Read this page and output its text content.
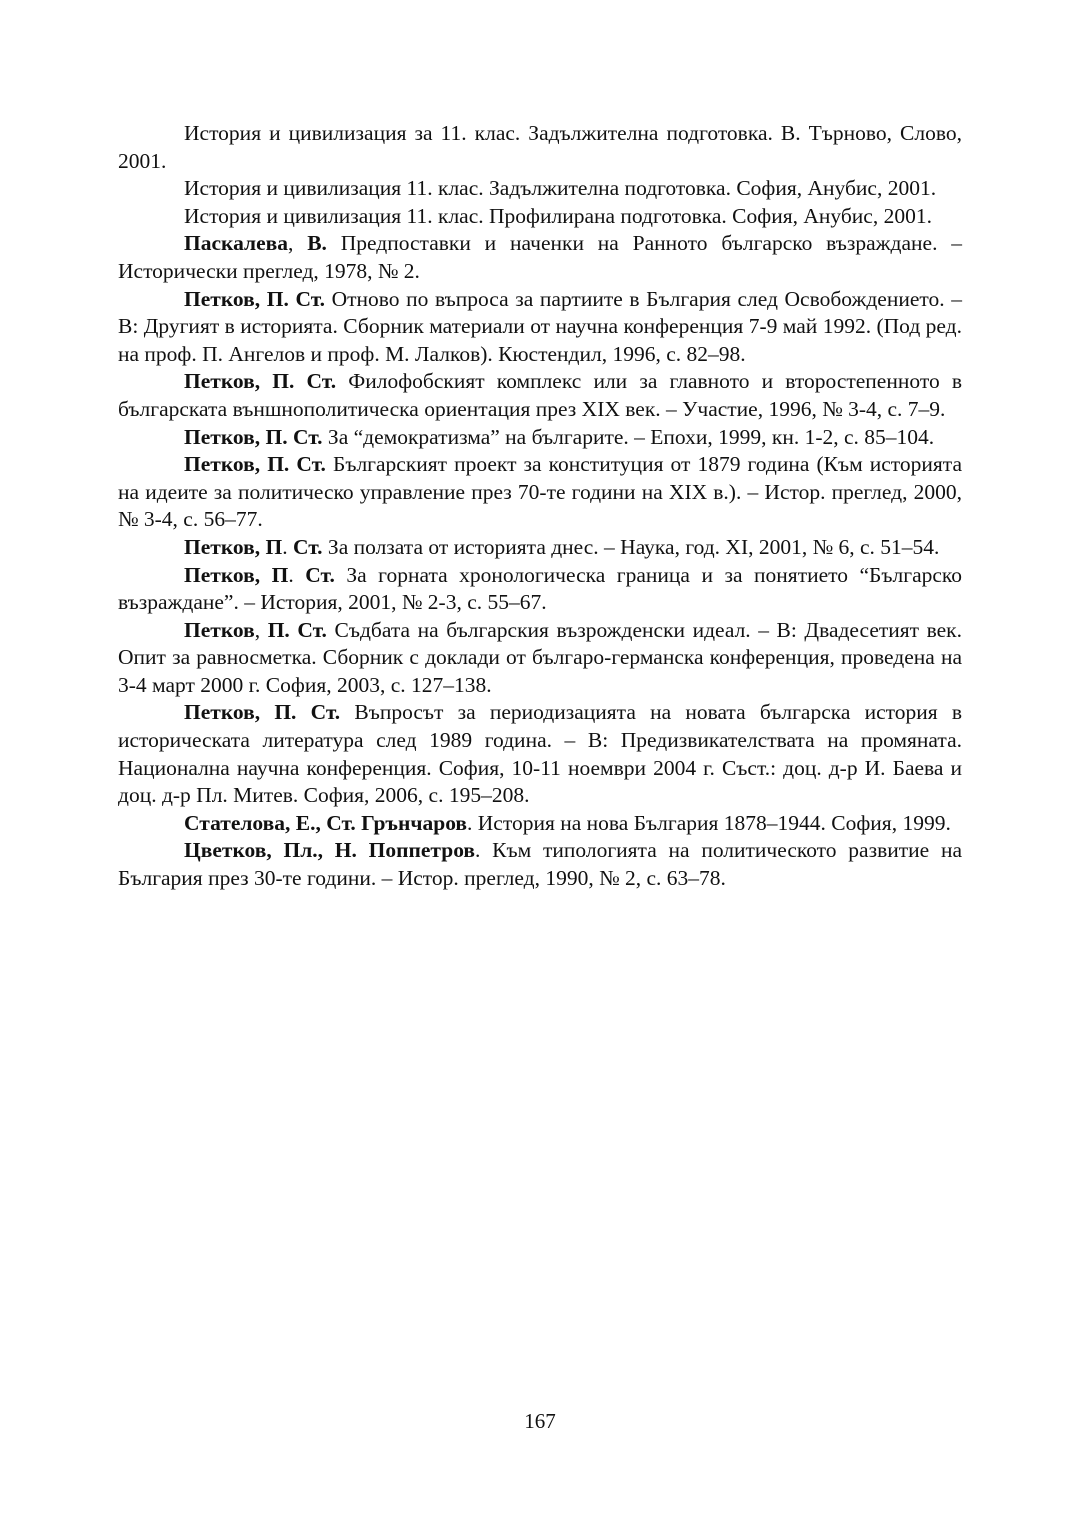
История и цивилизация за 11. клас. Задължителна подготовка. В. Търново, Слово, 2001.
История и цивилизация 11. клас. Задължителна подготовка. София, Анубис, 2001.
История и цивилизация 11. клас. Профилирана подготовка. София, Анубис, 2001.
Паскалева, В. Предпоставки и наченки на Ранното българско възраждане. – Исторически преглед, 1978, № 2.
Петков, П. Ст. Отново по въпроса за партиите в България след Освобождението. – В: Другият в историята. Сборник материали от научна конференция 7-9 май 1992. (Под ред. на проф. П. Ангелов и проф. М. Лалков). Кюстендил, 1996, с. 82–98.
Петков, П. Ст. Филофобският комплекс или за главното и второстепенното в българската външнополитическа ориентация през ХІХ век. – Участие, 1996, № 3-4, с. 7–9.
Петков, П. Ст. За “демократизма” на българите. – Епохи, 1999, кн. 1-2, с. 85–104.
Петков, П. Ст. Българският проект за конституция от 1879 година (Към историята на идеите за политическо управление през 70-те години на ХІХ в.). – Истор. преглед, 2000, № 3-4, с. 56–77.
Петков, П. Ст. За ползата от историята днес. – Наука, год. ХІ, 2001, № 6, с. 51–54.
Петков, П. Ст. За горната хронологическа граница и за понятието “Българско възраждане”. – История, 2001, № 2-3, с. 55–67.
Петков, П. Ст. Съдбата на българския възрожденски идеал. – В: Двадесетият век. Опит за равносметка. Сборник с доклади от българо-германска конференция, проведена на 3-4 март 2000 г. София, 2003, с. 127–138.
Петков, П. Ст. Въпросът за периодизацията на новата българска история в историческата литература след 1989 година. – В: Предизвикателствата на промяната. Национална научна конференция. София, 10-11 ноември 2004 г. Съст.: доц. д-р И. Баева и доц. д-р Пл. Митев. София, 2006, с. 195–208.
Стателова, Е., Ст. Грънчаров. История на нова България 1878–1944. София, 1999.
Цветков, Пл., Н. Поппетров. Към типологията на политическото развитие на България през 30-те години. – Истор. преглед, 1990, № 2, с. 63–78.
167
